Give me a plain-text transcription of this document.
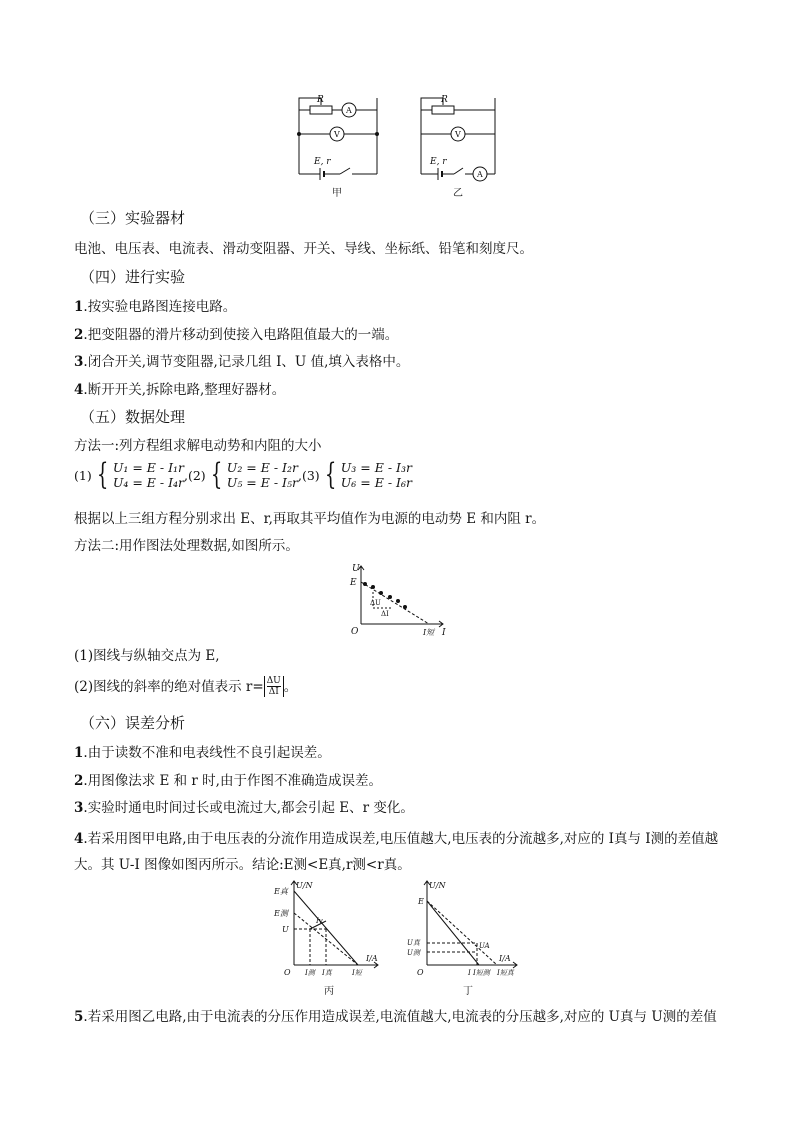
R
A
V
E, r
甲
R
V
A
E, r
乙
（三）实验器材
电池、电压表、电流表、滑动变阻器、开关、导线、坐标纸、铅笔和刻度尺。
（四）进行实验
1.按实验电路图连接电路。
2.把变阻器的滑片移动到使接入电路阻值最大的一端。
3.闭合开关,调节变阻器,记录几组 I、U 值,填入表格中。
4.断开开关,拆除电路,整理好器材。
（五）数据处理
方法一:列方程组求解电动势和内阻的大小
(1) { U₁ = E - I₁r
U₄ = E - I₄r ,(2) { U₂ = E - I₂r
U₅ = E - I₅r ,(3) { U₃ = E - I₃r
U₆ = E - I₆r
根据以上三组方程分别求出 E、r,再取其平均值作为电源的电动势 E 和内阻 r。
方法二:用作图法处理数据,如图所示。
U
E
ΔU
ΔI
O	I短 I
(1)图线与纵轴交点为 E,
(2)图线的斜率的绝对值表示 $r= \frac{\Delta U}{\Delta I}$ 。
（六）误差分析
1.由于读数不准和电表线性不良引起误差。
2.用图像法求 E 和 r 时,由于作图不准确造成误差。
3.实验时通电时间过长或电流过大,都会引起 E、r 变化。
4.若采用图甲电路,由于电压表的分流作用造成误差,电压值越大,电压表的分流越多,对应的 I真与 I测的差值越大。其 U-I 图像如图丙所示。结论:E测<E真,r测<r真。
U/N
E真
E测
U
Iv
O I测 I真	I短
I/A
丙
U/N
E
U真
U测
UA
O	I I短测 I短真
I/A
丁
5.若采用图乙电路,由于电流表的分压作用造成误差,电流值越大,电流表的分压越多,对应的 U真与 U测的差值
